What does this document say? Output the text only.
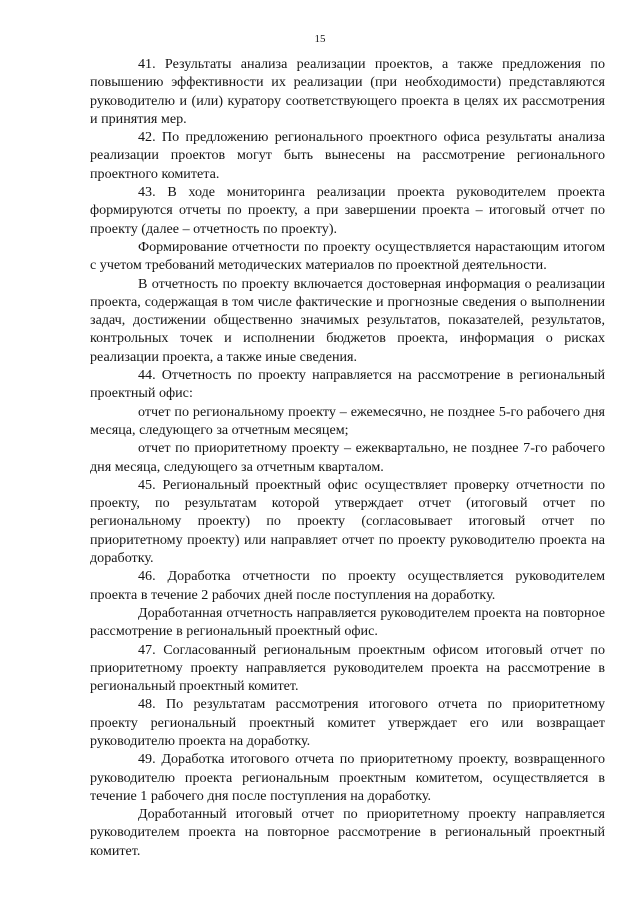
15

41. Результаты анализа реализации проектов, а также предложения по повышению эффективности их реализации (при необходимости) представляются руководителю и (или) куратору соответствующего проекта в целях их рассмотрения и принятия мер.

42. По предложению регионального проектного офиса результаты анализа реализации проектов могут быть вынесены на рассмотрение регионального проектного комитета.

43. В ходе мониторинга реализации проекта руководителем проекта формируются отчеты по проекту, а при завершении проекта – итоговый отчет по проекту (далее – отчетность по проекту).

Формирование отчетности по проекту осуществляется нарастающим итогом с учетом требований методических материалов по проектной деятельности.

В отчетность по проекту включается достоверная информация о реализации проекта, содержащая в том числе фактические и прогнозные сведения о выполнении задач, достижении общественно значимых результатов, показателей, результатов, контрольных точек и исполнении бюджетов проекта, информация о рисках реализации проекта, а также иные сведения.

44. Отчетность по проекту направляется на рассмотрение в региональный проектный офис:

отчет по региональному проекту – ежемесячно, не позднее 5-го рабочего дня месяца, следующего за отчетным месяцем;

отчет по приоритетному проекту – ежеквартально, не позднее 7-го рабочего дня месяца, следующего за отчетным кварталом.

45. Региональный проектный офис осуществляет проверку отчетности по проекту, по результатам которой утверждает отчет (итоговый отчет по региональному проекту) по проекту (согласовывает итоговый отчет по приоритетному проекту) или направляет отчет по проекту руководителю проекта на доработку.

46. Доработка отчетности по проекту осуществляется руководителем проекта в течение 2 рабочих дней после поступления на доработку.

Доработанная отчетность направляется руководителем проекта на повторное рассмотрение в региональный проектный офис.

47. Согласованный региональным проектным офисом итоговый отчет по приоритетному проекту направляется руководителем проекта на рассмотрение в региональный проектный комитет.

48. По результатам рассмотрения итогового отчета по приоритетному проекту региональный проектный комитет утверждает его или возвращает руководителю проекта на доработку.

49. Доработка итогового отчета по приоритетному проекту, возвращенного руководителю проекта региональным проектным комитетом, осуществляется в течение 1 рабочего дня после поступления на доработку.

Доработанный итоговый отчет по приоритетному проекту направляется руководителем проекта на повторное рассмотрение в региональный проектный комитет.
